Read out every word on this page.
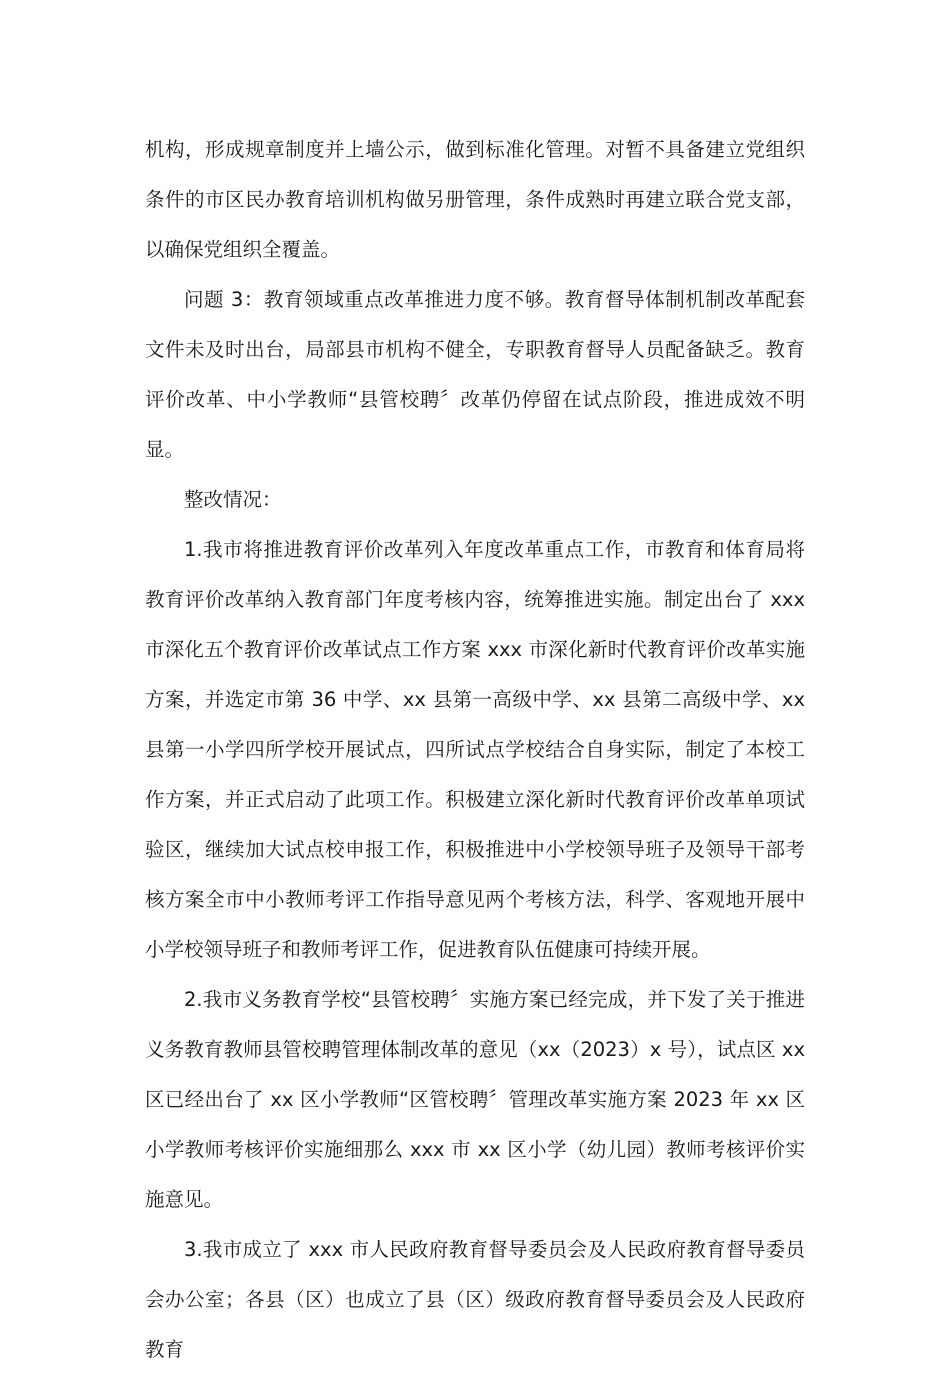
机构，形成规章制度并上墙公示，做到标准化管理。对暂不具备建立党组织条件的市区民办教育培训机构做另册管理，条件成熟时再建立联合党支部，以确保党组织全覆盖。

问题 3：教育领域重点改革推进力度不够。教育督导体制机制改革配套文件未及时出台，局部县市机构不健全，专职教育督导人员配备缺乏。教育评价改革、中小学教师“县管校聘〞改革仍停留在试点阶段，推进成效不明显。

整改情况：

1.我市将推进教育评价改革列入年度改革重点工作，市教育和体育局将教育评价改革纳入教育部门年度考核内容，统筹推进实施。制定出台了 xxx 市深化五个教育评价改革试点工作方案 xxx 市深化新时代教育评价改革实施方案，并选定市第 36 中学、xx 县第一高级中学、xx 县第二高级中学、xx 县第一小学四所学校开展试点，四所试点学校结合自身实际，制定了本校工作方案，并正式启动了此项工作。积极建立深化新时代教育评价改革单项试验区，继续加大试点校申报工作，积极推进中小学校领导班子及领导干部考核方案全市中小教师考评工作指导意见两个考核方法，科学、客观地开展中小学校领导班子和教师考评工作，促进教育队伍健康可持续开展。

2.我市义务教育学校“县管校聘〞实施方案已经完成，并下发了关于推进义务教育教师县管校聘管理体制改革的意见（xx（2023）x 号），试点区 xx 区已经出台了 xx 区小学教师“区管校聘〞管理改革实施方案 2023 年 xx 区小学教师考核评价实施细那么 xxx 市 xx 区小学（幼儿园）教师考核评价实施意见。

3.我市成立了 xxx 市人民政府教育督导委员会及人民政府教育督导委员会办公室；各县（区）也成立了县（区）级政府教育督导委员会及人民政府教育
